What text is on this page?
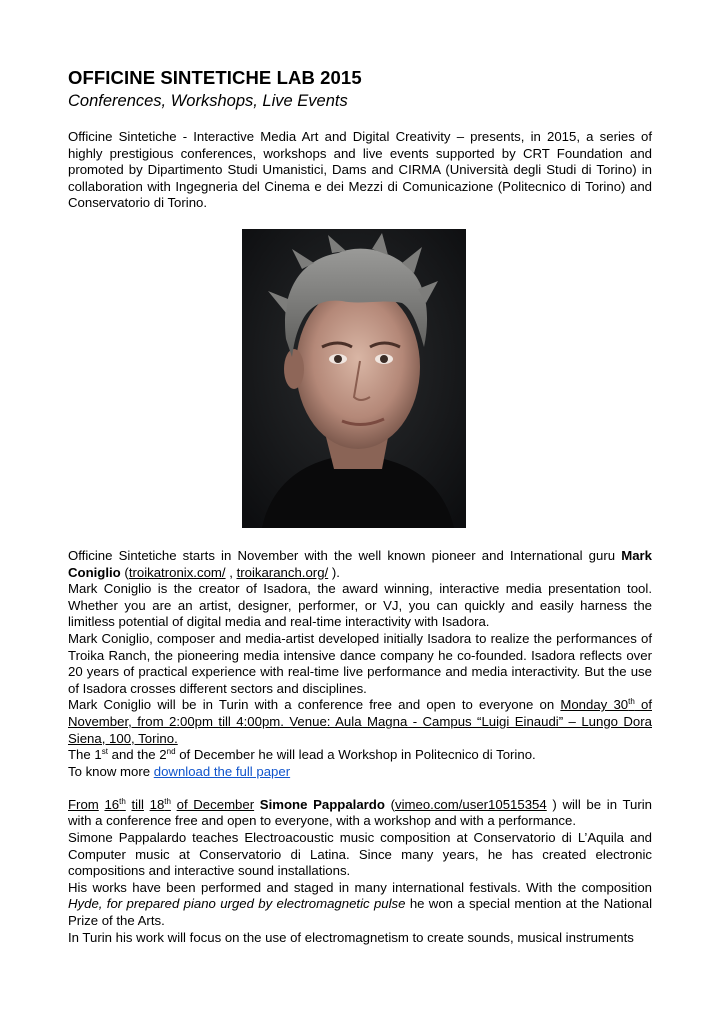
OFFICINE SINTETICHE LAB 2015
Conferences, Workshops, Live Events

Officine Sintetiche - Interactive Media Art and Digital Creativity – presents, in 2015, a series of highly prestigious conferences, workshops and live events supported by CRT Foundation and promoted by Dipartimento Studi Umanistici, Dams and CIRMA (Università degli Studi di Torino) in collaboration with Ingegneria del Cinema e dei Mezzi di Comunicazione (Politecnico di Torino) and Conservatorio di Torino.

Officine Sintetiche starts in November with the well known pioneer and International guru Mark Coniglio (troikatronix.com/ , troikaranch.org/ ).

Mark Coniglio is the creator of Isadora, the award winning, interactive media presentation tool. Whether you are an artist, designer, performer, or VJ, you can quickly and easily harness the limitless potential of digital media and real-time interactivity with Isadora.

Mark Coniglio, composer and media-artist developed initially Isadora to realize the performances of Troika Ranch, the pioneering media intensive dance company he co-founded. Isadora reflects over 20 years of practical experience with real-time live performance and media interactivity. But the use of Isadora crosses different sectors and disciplines.

Mark Coniglio will be in Turin with a conference free and open to everyone on Monday 30th of November, from 2:00pm till 4:00pm. Venue: Aula Magna - Campus “Luigi Einaudi” – Lungo Dora Siena, 100, Torino.

The 1st and the 2nd of December he will lead a Workshop in Politecnico di Torino.

To know more download the full paper

From 16th till 18th of December Simone Pappalardo (vimeo.com/user10515354 ) will be in Turin with a conference free and open to everyone, with a workshop and with a performance.

Simone Pappalardo teaches Electroacoustic music composition at Conservatorio di L’Aquila and Computer music at Conservatorio di Latina. Since many years, he has created electronic compositions and interactive sound installations.

His works have been performed and staged in many international festivals. With the composition Hyde, for prepared piano urged by electromagnetic pulse he won a special mention at the National Prize of the Arts.

In Turin his work will focus on the use of electromagnetism to create sounds, musical instruments
